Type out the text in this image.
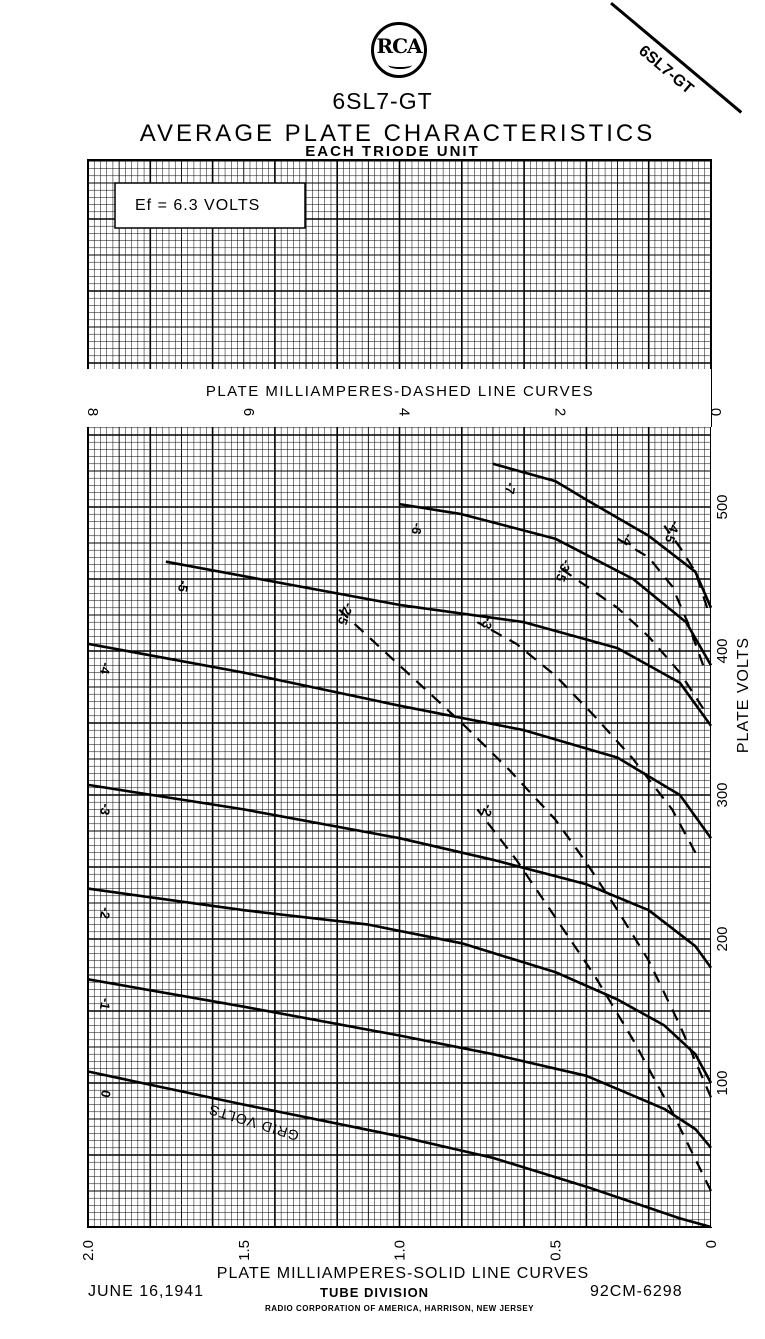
6SL7-GT
RCA
6SL7-GT
AVERAGE PLATE CHARACTERISTICS
EACH TRIODE UNIT
Ef = 6.3 VOLTS
PLATE MILLIAMPERES-DASHED LINE CURVES
8	6	4	2	0
100
200
300
400
500
PLATE VOLTS
2.0	1.5	1.0	0.5	0
0
-1
-2
-3
-4
-5
-6
-7
-2
-2.5	-3
-3.5
-4 -4.5
GRID VOLTS
PLATE MILLIAMPERES-SOLID LINE CURVES
JUNE 16,1941	TUBE DIVISION
RADIO CORPORATION OF AMERICA, HARRISON, NEW JERSEY
92CM-6298
